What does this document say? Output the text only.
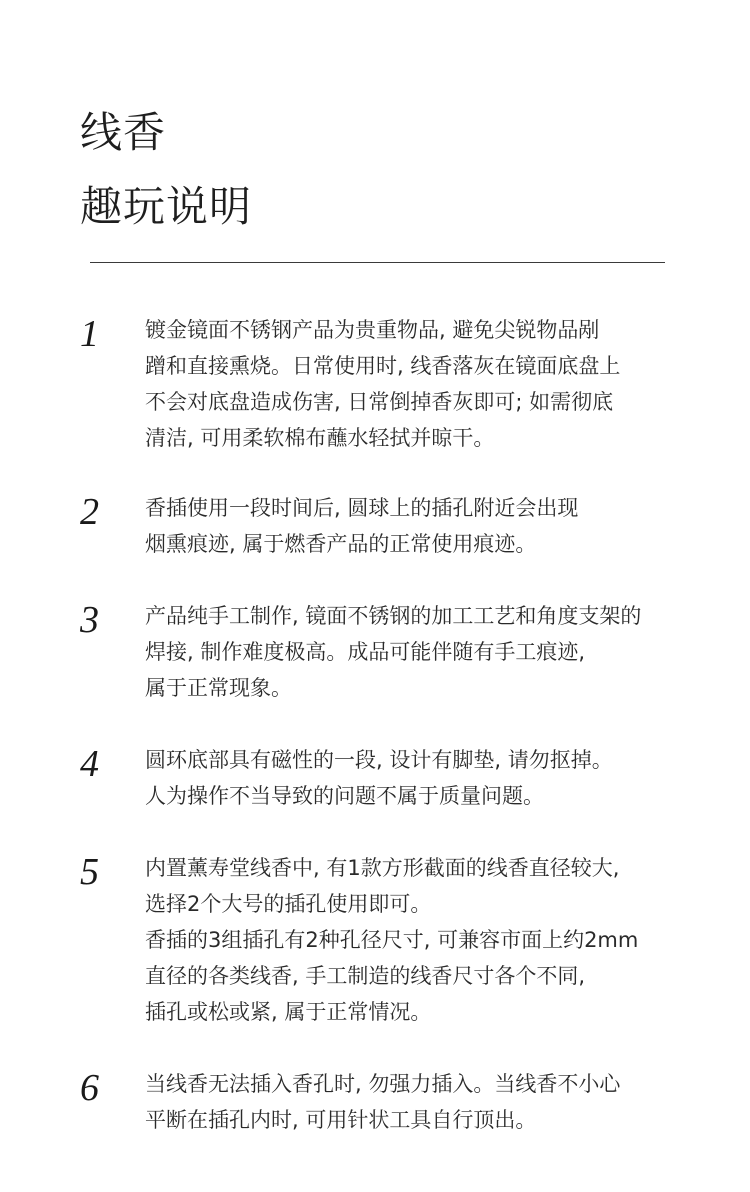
线香
趣玩说明
1	镀金镜面不锈钢产品为贵重物品, 避免尖锐物品剐
蹭和直接熏烧。日常使用时, 线香落灰在镜面底盘上
不会对底盘造成伤害, 日常倒掉香灰即可; 如需彻底
清洁, 可用柔软棉布蘸水轻拭并晾干。
2	香插使用一段时间后, 圆球上的插孔附近会出现
烟熏痕迹, 属于燃香产品的正常使用痕迹。
3	产品纯手工制作, 镜面不锈钢的加工工艺和角度支架的
焊接, 制作难度极高。成品可能伴随有手工痕迹,
属于正常现象。
4	圆环底部具有磁性的一段, 设计有脚垫, 请勿抠掉。
人为操作不当导致的问题不属于质量问题。
5	内置薰寿堂线香中, 有1款方形截面的线香直径较大,
选择2个大号的插孔使用即可。
香插的3组插孔有2种孔径尺寸, 可兼容市面上约2mm
直径的各类线香, 手工制造的线香尺寸各个不同,
插孔或松或紧, 属于正常情况。
6	当线香无法插入香孔时, 勿强力插入。当线香不小心
平断在插孔内时, 可用针状工具自行顶出。
